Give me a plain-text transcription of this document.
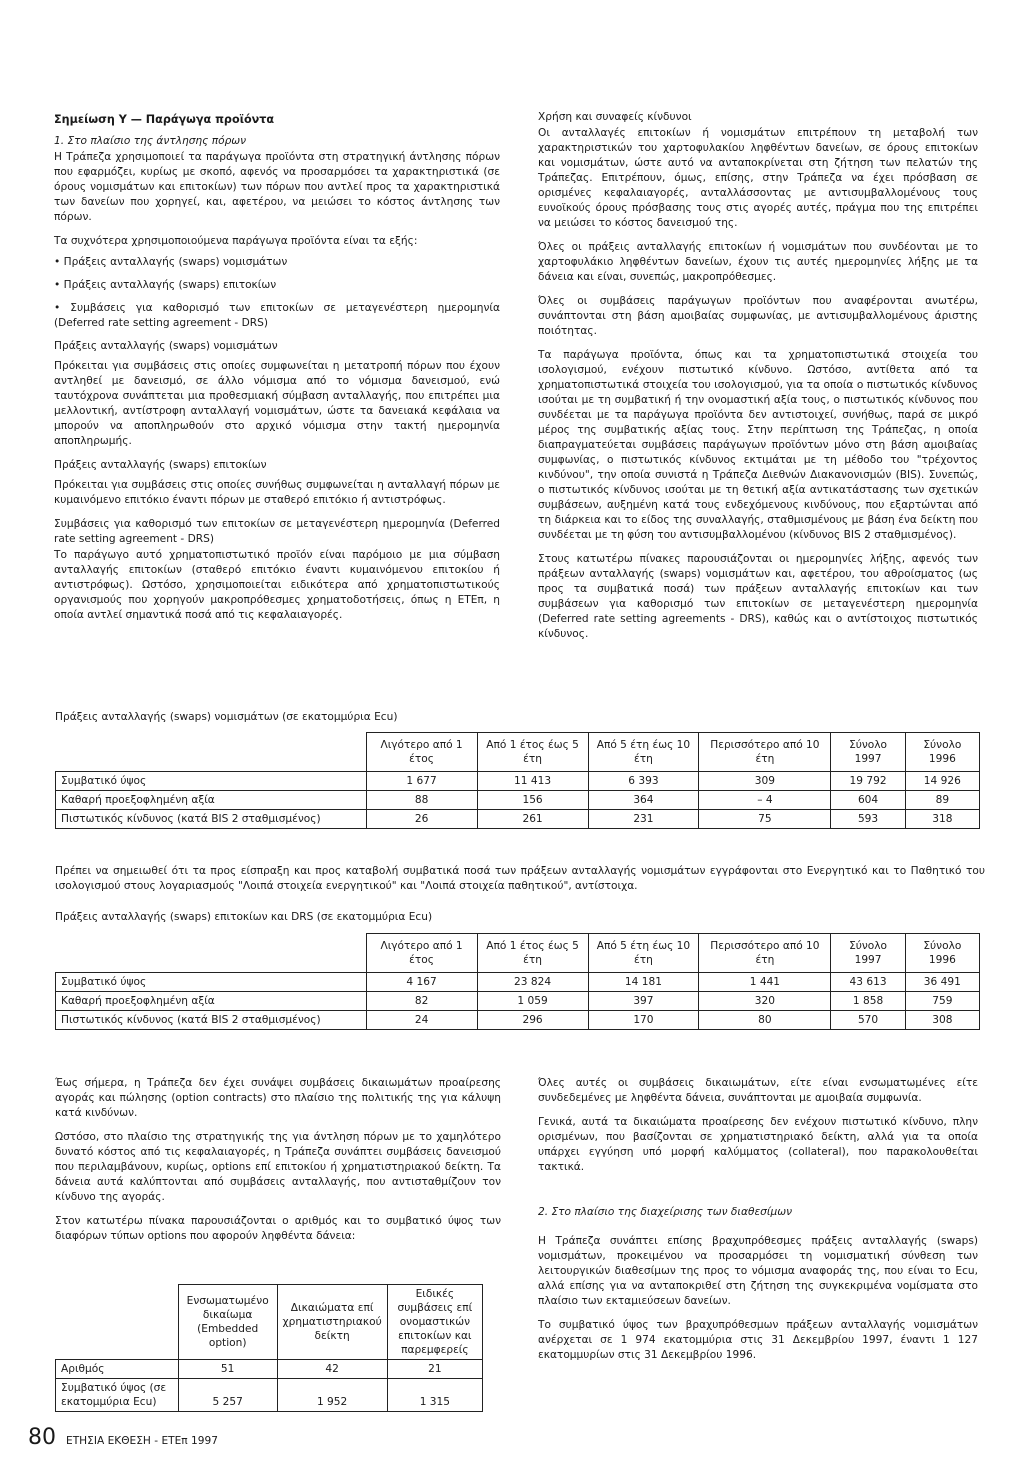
Σημείωση Υ — Παράγωγα προϊόντα

1. Στο πλαίσιο της άντλησης πόρων

Η Τράπεζα χρησιμοποιεί τα παράγωγα προϊόντα στη στρατηγική άντλησης πόρων που εφαρμόζει, κυρίως με σκοπό, αφενός να προσαρμόσει τα χαρακτηριστικά (σε όρους νομισμάτων και επιτοκίων) των πόρων που αντλεί προς τα χαρακτηριστικά των δανείων που χορηγεί, και, αφετέρου, να μειώσει το κόστος άντλησης των πόρων.

Τα συχνότερα χρησιμοποιούμενα παράγωγα προϊόντα είναι τα εξής:

• Πράξεις ανταλλαγής (swaps) νομισμάτων
• Πράξεις ανταλλαγής (swaps) επιτοκίων
• Συμβάσεις για καθορισμό των επιτοκίων σε μεταγενέστερη ημερομηνία (Deferred rate setting agreement - DRS)

Πράξεις ανταλλαγής (swaps) νομισμάτων

Πρόκειται για συμβάσεις στις οποίες συμφωνείται η μετατροπή πόρων που έχουν αντληθεί με δανεισμό, σε άλλο νόμισμα από το νόμισμα δανεισμού, ενώ ταυτόχρονα συνάπτεται μια προθεσμιακή σύμβαση ανταλλαγής, που επιτρέπει μια μελλοντική, αντίστροφη ανταλλαγή νομισμάτων, ώστε τα δανειακά κεφάλαια να μπορούν να αποπληρωθούν στο αρχικό νόμισμα στην τακτή ημερομηνία αποπληρωμής.

Πράξεις ανταλλαγής (swaps) επιτοκίων

Πρόκειται για συμβάσεις στις οποίες συνήθως συμφωνείται η ανταλλαγή πόρων με κυμαινόμενο επιτόκιο έναντι πόρων με σταθερό επιτόκιο ή αντιστρόφως.

Συμβάσεις για καθορισμό των επιτοκίων σε μεταγενέστερη ημερομηνία (Deferred rate setting agreement - DRS)

Το παράγωγο αυτό χρηματοπιστωτικό προϊόν είναι παρόμοιο με μια σύμβαση ανταλλαγής επιτοκίων (σταθερό επιτόκιο έναντι κυμαινόμενου επιτοκίου ή αντιστρόφως). Ωστόσο, χρησιμοποιείται ειδικότερα από χρηματοπιστωτικούς οργανισμούς που χορηγούν μακροπρόθεσμες χρηματοδοτήσεις, όπως η ΕΤΕπ, η οποία αντλεί σημαντικά ποσά από τις κεφαλαιαγορές.

Χρήση και συναφείς κίνδυνοι

Οι ανταλλαγές επιτοκίων ή νομισμάτων επιτρέπουν τη μεταβολή των χαρακτηριστικών του χαρτοφυλακίου ληφθέντων δανείων, σε όρους επιτοκίων και νομισμάτων, ώστε αυτό να ανταποκρίνεται στη ζήτηση των πελατών της Τράπεζας. Επιτρέπουν, όμως, επίσης, στην Τράπεζα να έχει πρόσβαση σε ορισμένες κεφαλαιαγορές, ανταλλάσσοντας με αντισυμβαλλομένους τους ευνοϊκούς όρους πρόσβασης τους στις αγορές αυτές, πράγμα που της επιτρέπει να μειώσει το κόστος δανεισμού της.

Όλες οι πράξεις ανταλλαγής επιτοκίων ή νομισμάτων που συνδέονται με το χαρτοφυλάκιο ληφθέντων δανείων, έχουν τις αυτές ημερομηνίες λήξης με τα δάνεια και είναι, συνεπώς, μακροπρόθεσμες.

Όλες οι συμβάσεις παράγωγων προϊόντων που αναφέρονται ανωτέρω, συνάπτονται στη βάση αμοιβαίας συμφωνίας, με αντισυμβαλλομένους άριστης ποιότητας.

Τα παράγωγα προϊόντα, όπως και τα χρηματοπιστωτικά στοιχεία του ισολογισμού, ενέχουν πιστωτικό κίνδυνο. Ωστόσο, αντίθετα από τα χρηματοπιστωτικά στοιχεία του ισολογισμού, για τα οποία ο πιστωτικός κίνδυνος ισούται με τη συμβατική ή την ονομαστική αξία τους, ο πιστωτικός κίνδυνος που συνδέεται με τα παράγωγα προϊόντα δεν αντιστοιχεί, συνήθως, παρά σε μικρό μέρος της συμβατικής αξίας τους. Στην περίπτωση της Τράπεζας, η οποία διαπραγματεύεται συμβάσεις παράγωγων προϊόντων μόνο στη βάση αμοιβαίας συμφωνίας, ο πιστωτικός κίνδυνος εκτιμάται με τη μέθοδο του "τρέχοντος κινδύνου", την οποία συνιστά η Τράπεζα Διεθνών Διακανονισμών (BIS). Συνεπώς, ο πιστωτικός κίνδυνος ισούται με τη θετική αξία αντικατάστασης των σχετικών συμβάσεων, αυξημένη κατά τους ενδεχόμενους κινδύνους, που εξαρτώνται από τη διάρκεια και το είδος της συναλλαγής, σταθμισμένους με βάση ένα δείκτη που συνδέεται με τη φύση του αντισυμβαλλομένου (κίνδυνος BIS 2 σταθμισμένος).

Στους κατωτέρω πίνακες παρουσιάζονται οι ημερομηνίες λήξης, αφενός των πράξεων ανταλλαγής (swaps) νομισμάτων και, αφετέρου, του αθροίσματος (ως προς τα συμβατικά ποσά) των πράξεων ανταλλαγής επιτοκίων και των συμβάσεων για καθορισμό των επιτοκίων σε μεταγενέστερη ημερομηνία (Deferred rate setting agreements - DRS), καθώς και ο αντίστοιχος πιστωτικός κίνδυνος.

Πράξεις ανταλλαγής (swaps) νομισμάτων (σε εκατομμύρια Ecu)
	Λιγότερο από 1 έτος	Από 1 έτος έως 5 έτη	Από 5 έτη έως 10 έτη	Περισσότερο από 10 έτη	Σύνολο 1997	Σύνολο 1996
Συμβατικό ύψος	1 677	11 413	6 393	309	19 792	14 926
Καθαρή προεξοφλημένη αξία	88	156	364	– 4	604	89
Πιστωτικός κίνδυνος (κατά BIS 2 σταθμισμένος)	26	261	231	75	593	318

Πρέπει να σημειωθεί ότι τα προς είσπραξη και προς καταβολή συμβατικά ποσά των πράξεων ανταλλαγής νομισμάτων εγγράφονται στο Ενεργητικό και το Παθητικό του ισολογισμού στους λογαριασμούς "Λοιπά στοιχεία ενεργητικού" και "Λοιπά στοιχεία παθητικού", αντίστοιχα.

Πράξεις ανταλλαγής (swaps) επιτοκίων και DRS (σε εκατομμύρια Ecu)
	Λιγότερο από 1 έτος	Από 1 έτος έως 5 έτη	Από 5 έτη έως 10 έτη	Περισσότερο από 10 έτη	Σύνολο 1997	Σύνολο 1996
Συμβατικό ύψος	4 167	23 824	14 181	1 441	43 613	36 491
Καθαρή προεξοφλημένη αξία	82	1 059	397	320	1 858	759
Πιστωτικός κίνδυνος (κατά BIS 2 σταθμισμένος)	24	296	170	80	570	308

Έως σήμερα, η Τράπεζα δεν έχει συνάψει συμβάσεις δικαιωμάτων προαίρεσης αγοράς και πώλησης (option contracts) στο πλαίσιο της πολιτικής της για κάλυψη κατά κινδύνων.

Ωστόσο, στο πλαίσιο της στρατηγικής της για άντληση πόρων με το χαμηλότερο δυνατό κόστος από τις κεφαλαιαγορές, η Τράπεζα συνάπτει συμβάσεις δανεισμού που περιλαμβάνουν, κυρίως, options επί επιτοκίου ή χρηματιστηριακού δείκτη. Τα δάνεια αυτά καλύπτονται από συμβάσεις ανταλλαγής, που αντισταθμίζουν τον κίνδυνο της αγοράς.

Στον κατωτέρω πίνακα παρουσιάζονται ο αριθμός και το συμβατικό ύψος των διαφόρων τύπων options που αφορούν ληφθέντα δάνεια:

	Ενσωματωμένο δικαίωμα (Embedded option)	Δικαιώματα επί χρηματιστηριακού δείκτη	Ειδικές συμβάσεις επί ονομαστικών επιτοκίων και παρεμφερείς
Αριθμός	51	42	21
Συμβατικό ύψος (σε εκατομμύρια Ecu)	5 257	1 952	1 315

Όλες αυτές οι συμβάσεις δικαιωμάτων, είτε είναι ενσωματωμένες είτε συνδεδεμένες με ληφθέντα δάνεια, συνάπτονται με αμοιβαία συμφωνία.

Γενικά, αυτά τα δικαιώματα προαίρεσης δεν ενέχουν πιστωτικό κίνδυνο, πλην ορισμένων, που βασίζονται σε χρηματιστηριακό δείκτη, αλλά για τα οποία υπάρχει εγγύηση υπό μορφή καλύμματος (collateral), που παρακολουθείται τακτικά.

2. Στο πλαίσιο της διαχείρισης των διαθεσίμων

Η Τράπεζα συνάπτει επίσης βραχυπρόθεσμες πράξεις ανταλλαγής (swaps) νομισμάτων, προκειμένου να προσαρμόσει τη νομισματική σύνθεση των λειτουργικών διαθεσίμων της προς το νόμισμα αναφοράς της, που είναι το Ecu, αλλά επίσης για να ανταποκριθεί στη ζήτηση της συγκεκριμένα νομίσματα στο πλαίσιο των εκταμιεύσεων δανείων.

Το συμβατικό ύψος των βραχυπρόθεσμων πράξεων ανταλλαγής νομισμάτων ανέρχεται σε 1 974 εκατομμύρια στις 31 Δεκεμβρίου 1997, έναντι 1 127 εκατομμυρίων στις 31 Δεκεμβρίου 1996.

80 ΕΤΗΣΙΑ ΕΚΘΕΣΗ - ΕΤΕπ 1997
